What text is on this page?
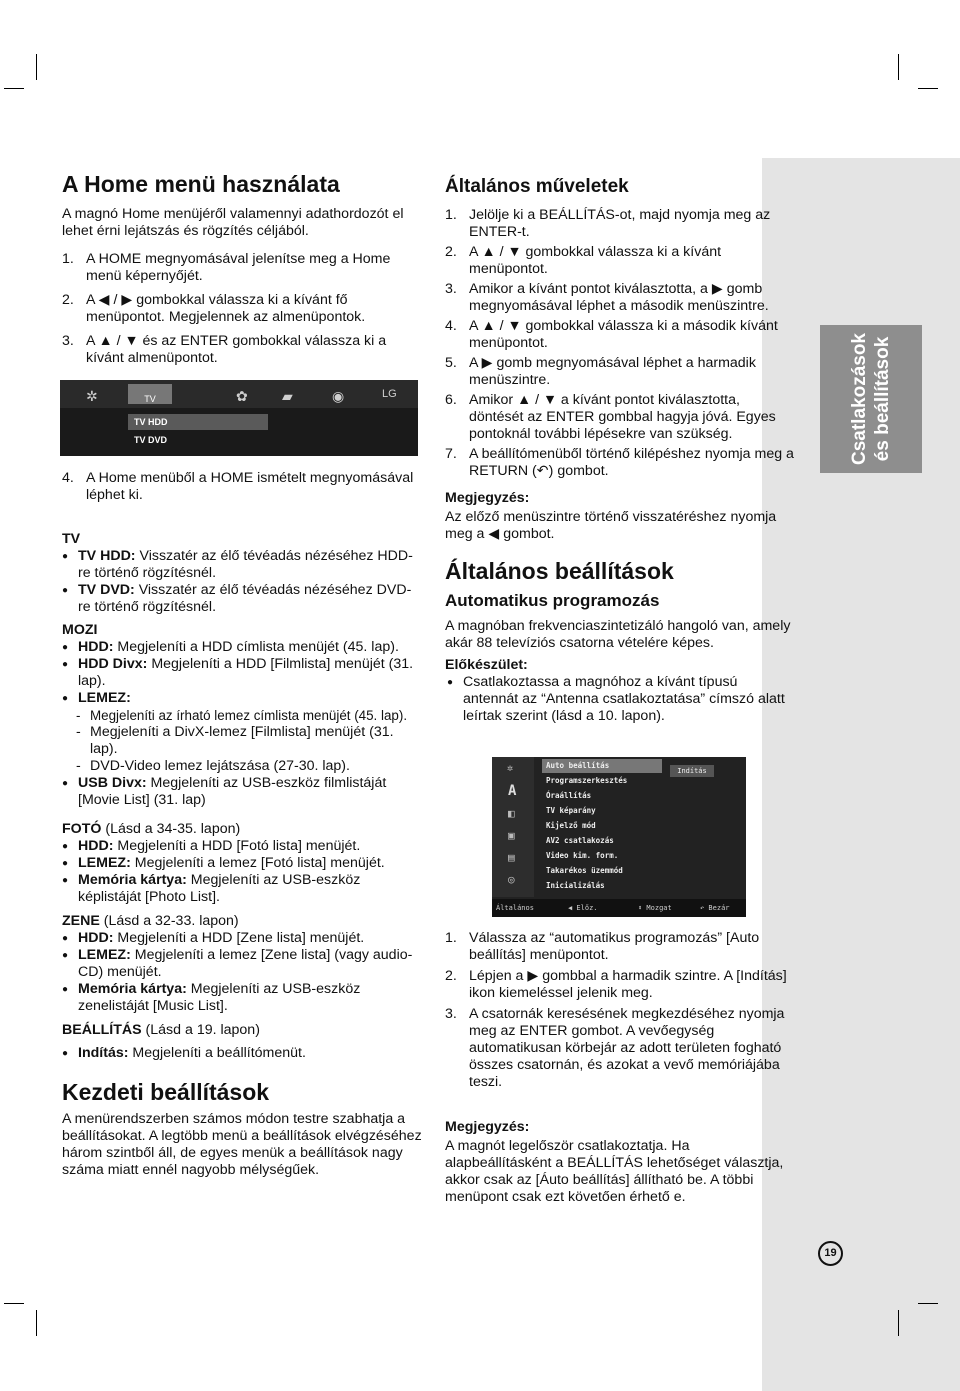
Csatlakozások és beállítások
A Home menü használata

A magnó Home menüjéről valamennyi adathordozót el lehet érni lejátszás és rögzítés céljából.

1. A HOME megnyomásával jelenítse meg a Home menü képernyőjét.
2. A ◀ / ▶ gombokkal válassza ki a kívánt fő menüpontot. Megjelennek az almenüpontok.
3. A ▲ / ▼ és az ENTER gombokkal válassza ki a kívánt almenüpontot.
✲	TV	✿ ▰	◉	LG
TV HDD
TV DVD
4. A Home menüből a HOME ismételt megnyomásával léphet ki.
TV
● TV HDD: Visszatér az élő tévéadás nézéséhez HDD-re történő rögzítésnél.
● TV DVD: Visszatér az élő tévéadás nézéséhez DVD-re történő rögzítésnél.
MOZI
● HDD: Megjeleníti a HDD címlista menüjét (45. lap).
● HDD Divx: Megjeleníti a HDD [Filmlista] menüjét (31. lap).
● LEMEZ:
- Megjeleníti az írható lemez címlista menüjét (45. lap).
- Megjeleníti a DivX-lemez [Filmlista] menüjét (31. lap).
- DVD-Video lemez lejátszása (27-30. lap).
● USB Divx: Megjeleníti az USB-eszköz filmlistáját [Movie List] (31. lap)
FOTÓ (Lásd a 34-35. lapon)
● HDD: Megjeleníti a HDD [Fotó lista] menüjét.
● LEMEZ: Megjeleníti a lemez [Fotó lista] menüjét.
● Memória kártya: Megjeleníti az USB-eszköz képlistáját [Photo List].
ZENE (Lásd a 32-33. lapon)
● HDD: Megjeleníti a HDD [Zene lista] menüjét.
● LEMEZ: Megjeleníti a lemez [Zene lista] (vagy audio-CD) menüjét.
● Memória kártya: Megjeleníti az USB-eszköz zenelistáját [Music List].
BEÁLLÍTÁS (Lásd a 19. lapon)
● Indítás: Megjeleníti a beállítómenüt.
Kezdeti beállítások

A menürendszerben számos módon testre szabhatja a beállításokat. A legtöbb menü a beállítások elvégzéséhez három szintből áll, de egyes menük a beállítások nagy száma miatt ennél nagyobb mélységűek.

Általános műveletek
1. Jelölje ki a BEÁLLÍTÁS-ot, majd nyomja meg az ENTER-t.
2. A ▲ / ▼ gombokkal válassza ki a kívánt menüpontot.
3. Amikor a kívánt pontot kiválasztotta, a ▶ gomb megnyomásával léphet a második menüszintre.
4. A ▲ / ▼ gombokkal válassza ki a második kívánt menüpontot.
5. A ▶ gomb megnyomásával léphet a harmadik menüszintre.
6. Amikor ▲ / ▼ a kívánt pontot kiválasztotta, döntését az ENTER gombbal hagyja jóvá. Egyes pontoknál további lépésekre van szükség.
7. A beállítómenüből történő kilépéshez nyomja meg a RETURN (↶) gombot.
Megjegyzés:

Az előző menüszintre történő visszatéréshez nyomja meg a ◀ gombot.

Általános beállítások
Automatikus programozás

A magnóban frekvenciaszintetizáló hangoló van, amely akár 88 televíziós csatorna vételére képes.

Előkészület:
● Csatlakoztassa a magnóhoz a kívánt típusú antennát az “Antenna csatlakoztatása” címszó alatt leírtak szerint (lásd a 10. lapon).
✲
A
◧
▣
▤
◎
Auto beállítás
Programszerkesztés
Óraállítás
TV képarány
Kijelző mód
AV2 csatlakozás
Video kim. form.
Takarékos üzemmód
Inicializálás
Indítás
Általános	◀ Előz.	⬍ Mozgat	↶ Bezár
1. Válassza az “automatikus programozás” [Auto beállítás] menüpontot.
2. Lépjen a ▶ gombbal a harmadik szintre. A [Indítás] ikon kiemeléssel jelenik meg.
3. A csatornák keresésének megkezdéséhez nyomja meg az ENTER gombot. A vevőegység automatikusan körbejár az adott területen fogható összes csatornán, és azokat a vevő memóriájába teszi.
Megjegyzés:

A magnót legelőször csatlakoztatja. Ha alapbeállításként a BEÁLLÍTÁS lehetőséget választja, akkor csak az [Áuto beállítás] állítható be. A többi menüpont csak ezt követően érhető e.

19
